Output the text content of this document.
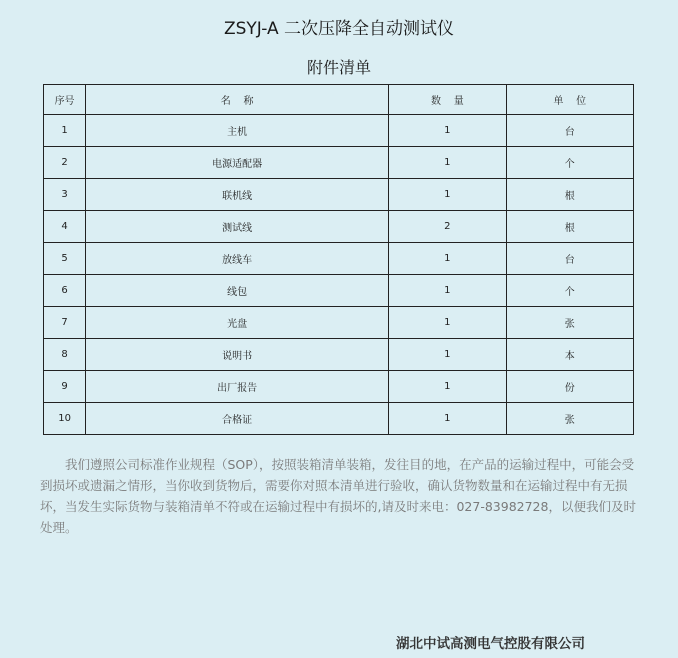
ZSYJ-A 二次压降全自动测试仪
附件清单
序号	名    称	数    量	单    位
1	主机	1	台
2	电源适配器	1	个
3	联机线	1	根
4	测试线	2	根
5	放线车	1	台
6	线包	1	个
7	光盘	1	张
8	说明书	1	本
9	出厂报告	1	份
10	合格证	1	张
我们遵照公司标准作业规程（SOP），按照装箱清单装箱，发往目的地，在产品的运输过程中，可能会受到损坏或遗漏之情形，当你收到货物后，需要你对照本清单进行验收，确认货物数量和在运输过程中有无损坏，当发生实际货物与装箱清单不符或在运输过程中有损坏的,请及时来电：027-83982728，以便我们及时处理。
湖北中试高测电气控股有限公司
